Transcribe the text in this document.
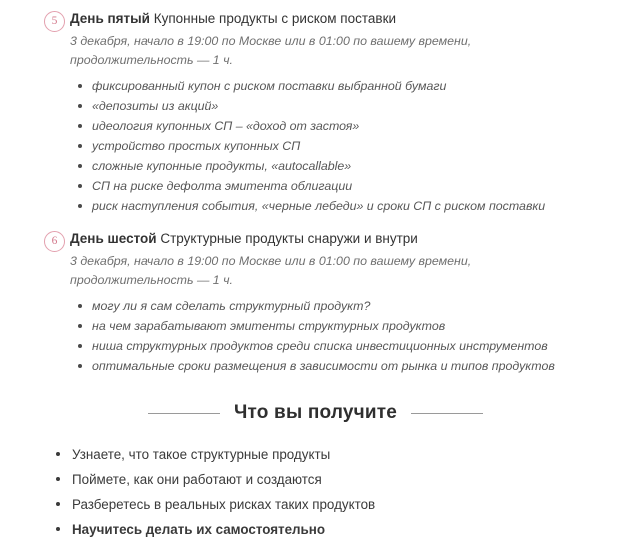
5 День пятый Купонные продукты с риском поставки
3 декабря, начало в 19:00 по Москве или в 01:00 по вашему времени, продолжительность — 1 ч.
фиксированный купон с риском поставки выбранной бумаги
«депозиты из акций»
идеология купонных СП – «доход от застоя»
устройство простых купонных СП
сложные купонные продукты, «autocallable»
СП на риске дефолта эмитента облигации
риск наступления события, «черные лебеди» и сроки СП с риском поставки
6 День шестой Структурные продукты снаружи и внутри
3 декабря, начало в 19:00 по Москве или в 01:00 по вашему времени, продолжительность — 1 ч.
могу ли я сам сделать структурный продукт?
на чем зарабатывают эмитенты структурных продуктов
ниша структурных продуктов среди списка инвестиционных инструментов
оптимальные сроки размещения в зависимости от рынка и типов продуктов
Что вы получите
Узнаете, что такое структурные продукты
Поймете, как они работают и создаются
Разберетесь в реальных рисках таких продуктов
Научитесь делать их самостоятельно
